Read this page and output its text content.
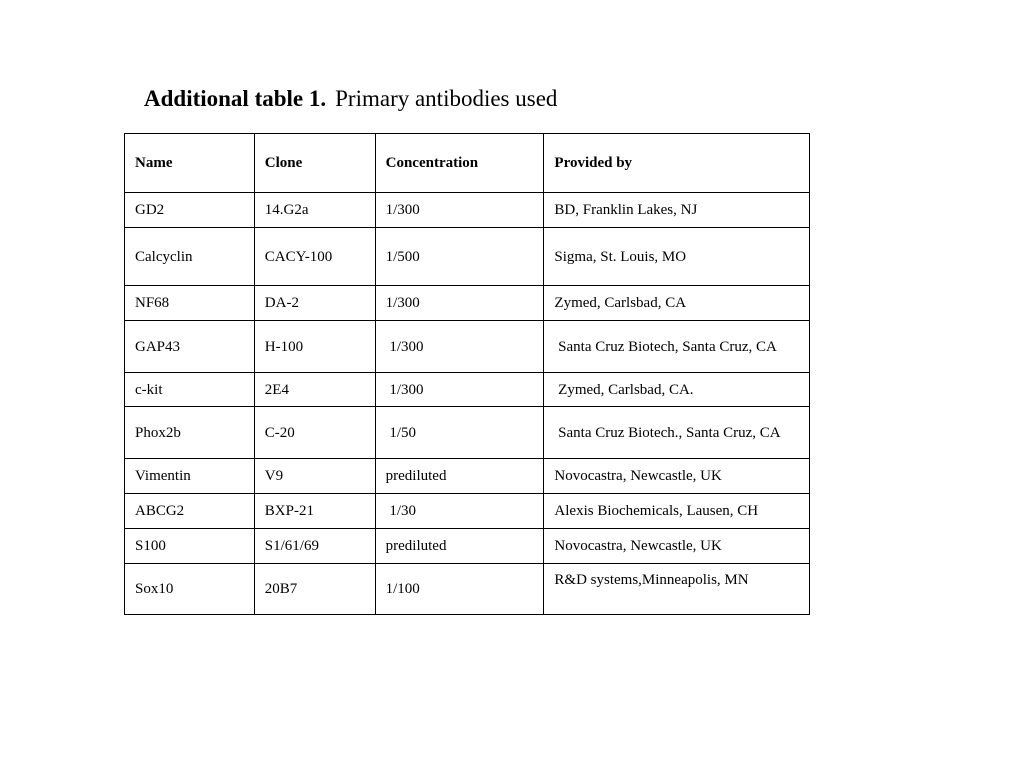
Additional table 1. Primary antibodies used
Name	Clone	Concentration	Provided by
GD2	14.G2a	1/300	BD, Franklin Lakes, NJ
Calcyclin	CACY-100	1/500	Sigma, St. Louis, MO
NF68	DA-2	1/300	Zymed, Carlsbad, CA
GAP43	H-100	1/300	Santa Cruz Biotech, Santa Cruz, CA
c-kit	2E4	1/300	Zymed, Carlsbad, CA.
Phox2b	C-20	1/50	Santa Cruz Biotech., Santa Cruz, CA
Vimentin	V9	prediluted	Novocastra, Newcastle, UK
ABCG2	BXP-21	1/30	Alexis Biochemicals, Lausen, CH
S100	S1/61/69	prediluted	Novocastra, Newcastle, UK
Sox10	20B7	1/100	R&D systems,Minneapolis, MN
